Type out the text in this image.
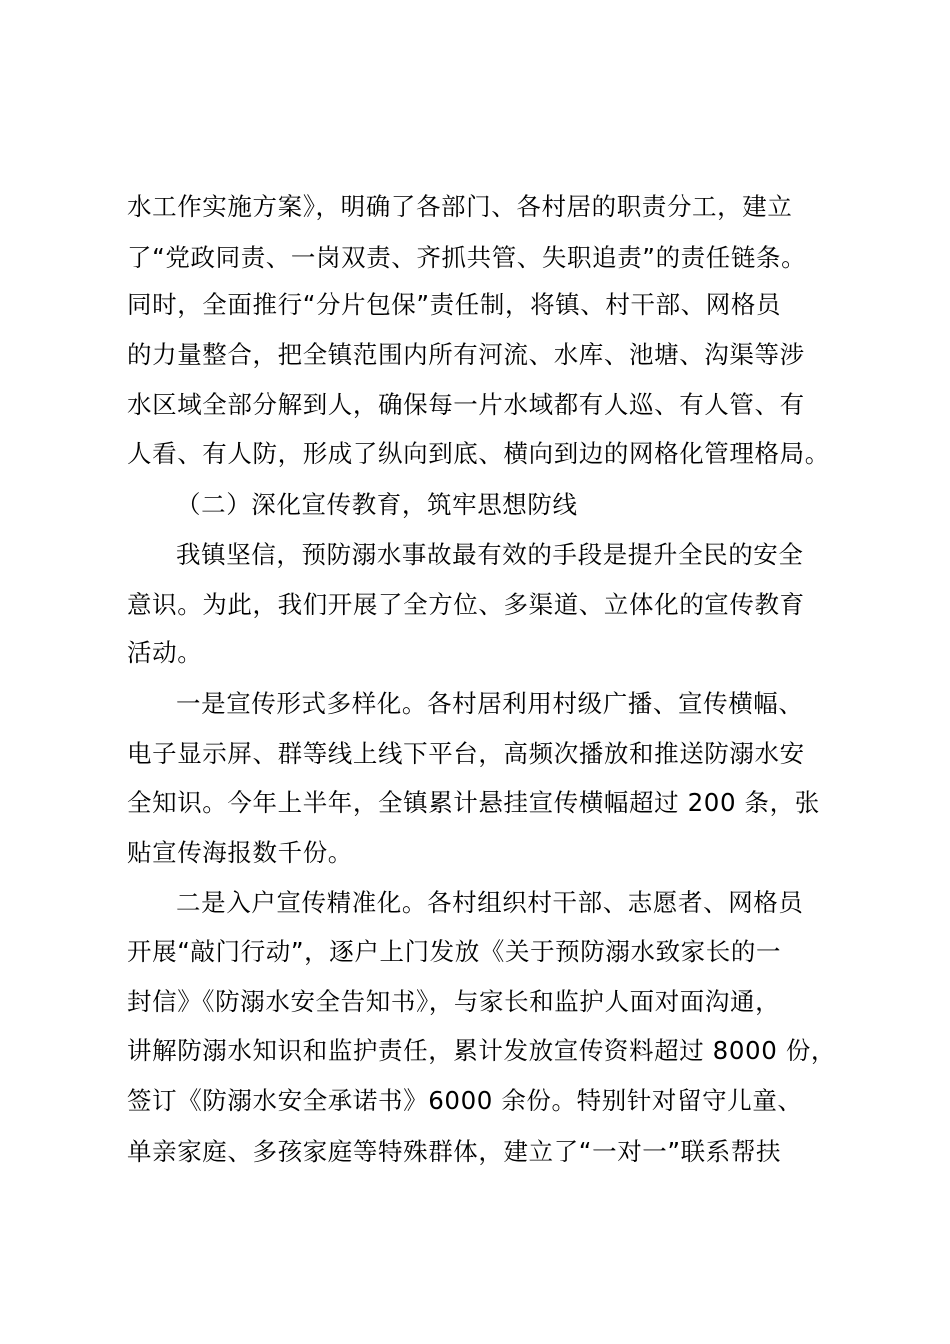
水工作实施方案》，明确了各部门、各村居的职责分工，建立
了“党政同责、一岗双责、齐抓共管、失职追责”的责任链条。
同时，全面推行“分片包保”责任制，将镇、村干部、网格员
的力量整合，把全镇范围内所有河流、水库、池塘、沟渠等涉
水区域全部分解到人，确保每一片水域都有人巡、有人管、有
人看、有人防，形成了纵向到底、横向到边的网格化管理格局。
（二）深化宣传教育，筑牢思想防线
我镇坚信，预防溺水事故最有效的手段是提升全民的安全
意识。为此，我们开展了全方位、多渠道、立体化的宣传教育
活动。
一是宣传形式多样化。各村居利用村级广播、宣传横幅、
电子显示屏、群等线上线下平台，高频次播放和推送防溺水安
全知识。今年上半年，全镇累计悬挂宣传横幅超过 200 条，张
贴宣传海报数千份。
二是入户宣传精准化。各村组织村干部、志愿者、网格员
开展“敲门行动”，逐户上门发放《关于预防溺水致家长的一
封信》《防溺水安全告知书》，与家长和监护人面对面沟通，
讲解防溺水知识和监护责任，累计发放宣传资料超过 8000 份，
签订《防溺水安全承诺书》6000 余份。特别针对留守儿童、
单亲家庭、多孩家庭等特殊群体，建立了“一对一”联系帮扶
